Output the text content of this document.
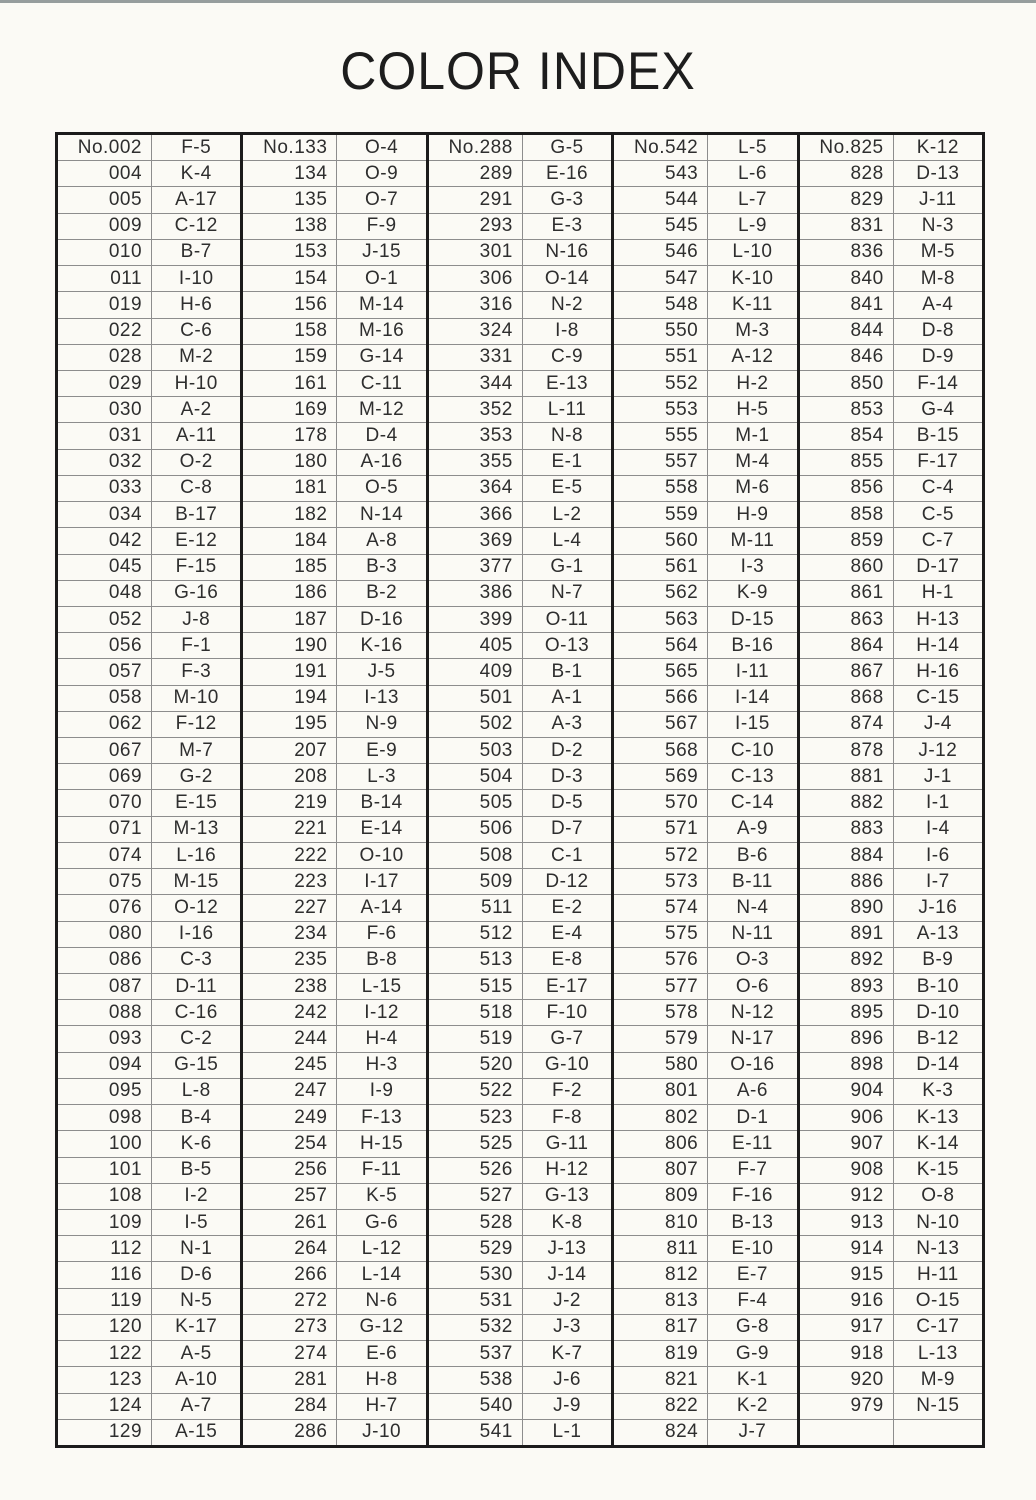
COLOR INDEX
No.002	F-5
004	K-4
005	A-17
009	C-12
010	B-7
011	I-10
019	H-6
022	C-6
028	M-2
029	H-10
030	A-2
031	A-11
032	O-2
033	C-8
034	B-17
042	E-12
045	F-15
048	G-16
052	J-8
056	F-1
057	F-3
058	M-10
062	F-12
067	M-7
069	G-2
070	E-15
071	M-13
074	L-16
075	M-15
076	O-12
080	I-16
086	C-3
087	D-11
088	C-16
093	C-2
094	G-15
095	L-8
098	B-4
100	K-6
101	B-5
108	I-2
109	I-5
112	N-1
116	D-6
119	N-5
120	K-17
122	A-5
123	A-10
124	A-7
129	A-15
No.133	O-4
134	O-9
135	O-7
138	F-9
153	J-15
154	O-1
156	M-14
158	M-16
159	G-14
161	C-11
169	M-12
178	D-4
180	A-16
181	O-5
182	N-14
184	A-8
185	B-3
186	B-2
187	D-16
190	K-16
191	J-5
194	I-13
195	N-9
207	E-9
208	L-3
219	B-14
221	E-14
222	O-10
223	I-17
227	A-14
234	F-6
235	B-8
238	L-15
242	I-12
244	H-4
245	H-3
247	I-9
249	F-13
254	H-15
256	F-11
257	K-5
261	G-6
264	L-12
266	L-14
272	N-6
273	G-12
274	E-6
281	H-8
284	H-7
286	J-10
No.288	G-5
289	E-16
291	G-3
293	E-3
301	N-16
306	O-14
316	N-2
324	I-8
331	C-9
344	E-13
352	L-11
353	N-8
355	E-1
364	E-5
366	L-2
369	L-4
377	G-1
386	N-7
399	O-11
405	O-13
409	B-1
501	A-1
502	A-3
503	D-2
504	D-3
505	D-5
506	D-7
508	C-1
509	D-12
511	E-2
512	E-4
513	E-8
515	E-17
518	F-10
519	G-7
520	G-10
522	F-2
523	F-8
525	G-11
526	H-12
527	G-13
528	K-8
529	J-13
530	J-14
531	J-2
532	J-3
537	K-7
538	J-6
540	J-9
541	L-1
No.542	L-5
543	L-6
544	L-7
545	L-9
546	L-10
547	K-10
548	K-11
550	M-3
551	A-12
552	H-2
553	H-5
555	M-1
557	M-4
558	M-6
559	H-9
560	M-11
561	I-3
562	K-9
563	D-15
564	B-16
565	I-11
566	I-14
567	I-15
568	C-10
569	C-13
570	C-14
571	A-9
572	B-6
573	B-11
574	N-4
575	N-11
576	O-3
577	O-6
578	N-12
579	N-17
580	O-16
801	A-6
802	D-1
806	E-11
807	F-7
809	F-16
810	B-13
811	E-10
812	E-7
813	F-4
817	G-8
819	G-9
821	K-1
822	K-2
824	J-7
No.825	K-12
828	D-13
829	J-11
831	N-3
836	M-5
840	M-8
841	A-4
844	D-8
846	D-9
850	F-14
853	G-4
854	B-15
855	F-17
856	C-4
858	C-5
859	C-7
860	D-17
861	H-1
863	H-13
864	H-14
867	H-16
868	C-15
874	J-4
878	J-12
881	J-1
882	I-1
883	I-4
884	I-6
886	I-7
890	J-16
891	A-13
892	B-9
893	B-10
895	D-10
896	B-12
898	D-14
904	K-3
906	K-13
907	K-14
908	K-15
912	O-8
913	N-10
914	N-13
915	H-11
916	O-15
917	C-17
918	L-13
920	M-9
979	N-15
